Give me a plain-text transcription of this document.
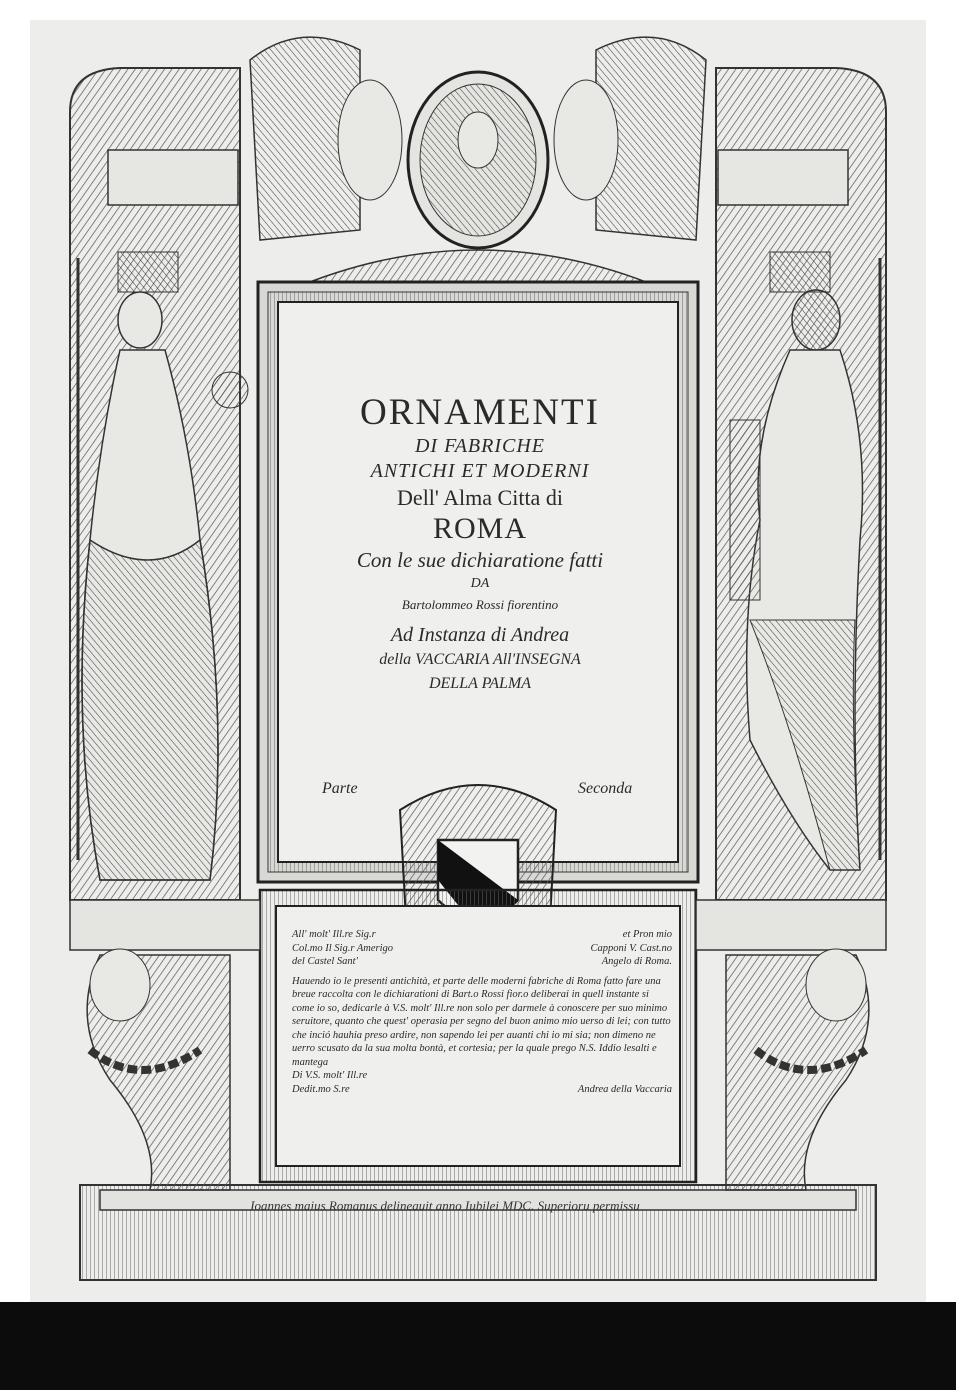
ORNAMENTI
DI FABRICHE
ANTICHI ET MODERNI
Dell' Alma Citta di
ROMA
Con le sue dichiaratione fatti
DA
Bartolommeo Rossi fiorentino
Ad Instanza di Andrea
della VACCARIA All'INSEGNA
DELLA PALMA
Parte	Seconda
All' molt' Ill.re Sig.r	et Pron mio
Col.mo Il Sig.r Amerigo	Capponi V. Cast.no
del Castel Sant'	Angelo di Roma.

Hauendo io le presenti antichità, et parte delle moderni fabriche di Roma fatto fare una breue raccolta con le dichiarationi di Bart.o Rossi fior.o deliberai in quell instante si come io so, dedicarle à V.S. molt' Ill.re non solo per darmele à conoscere per suo minimo seruitore, quanto che quest' operasia per segno del buon animo mio uerso di lei; con tutto che inció hauhia preso ardire, non sapendo lei per auanti chi io mi sia; non dimeno ne uerro scusato da la sua molta bontà, et cortesia; per la quale prego N.S. Iddio lesalti e mantega

Di V.S. molt' Ill.re
Dedit.mo S.re	Andrea della Vaccaria
Ioannes maius Romanus delineauit anno Iubilei MDC. Superioru permissu
